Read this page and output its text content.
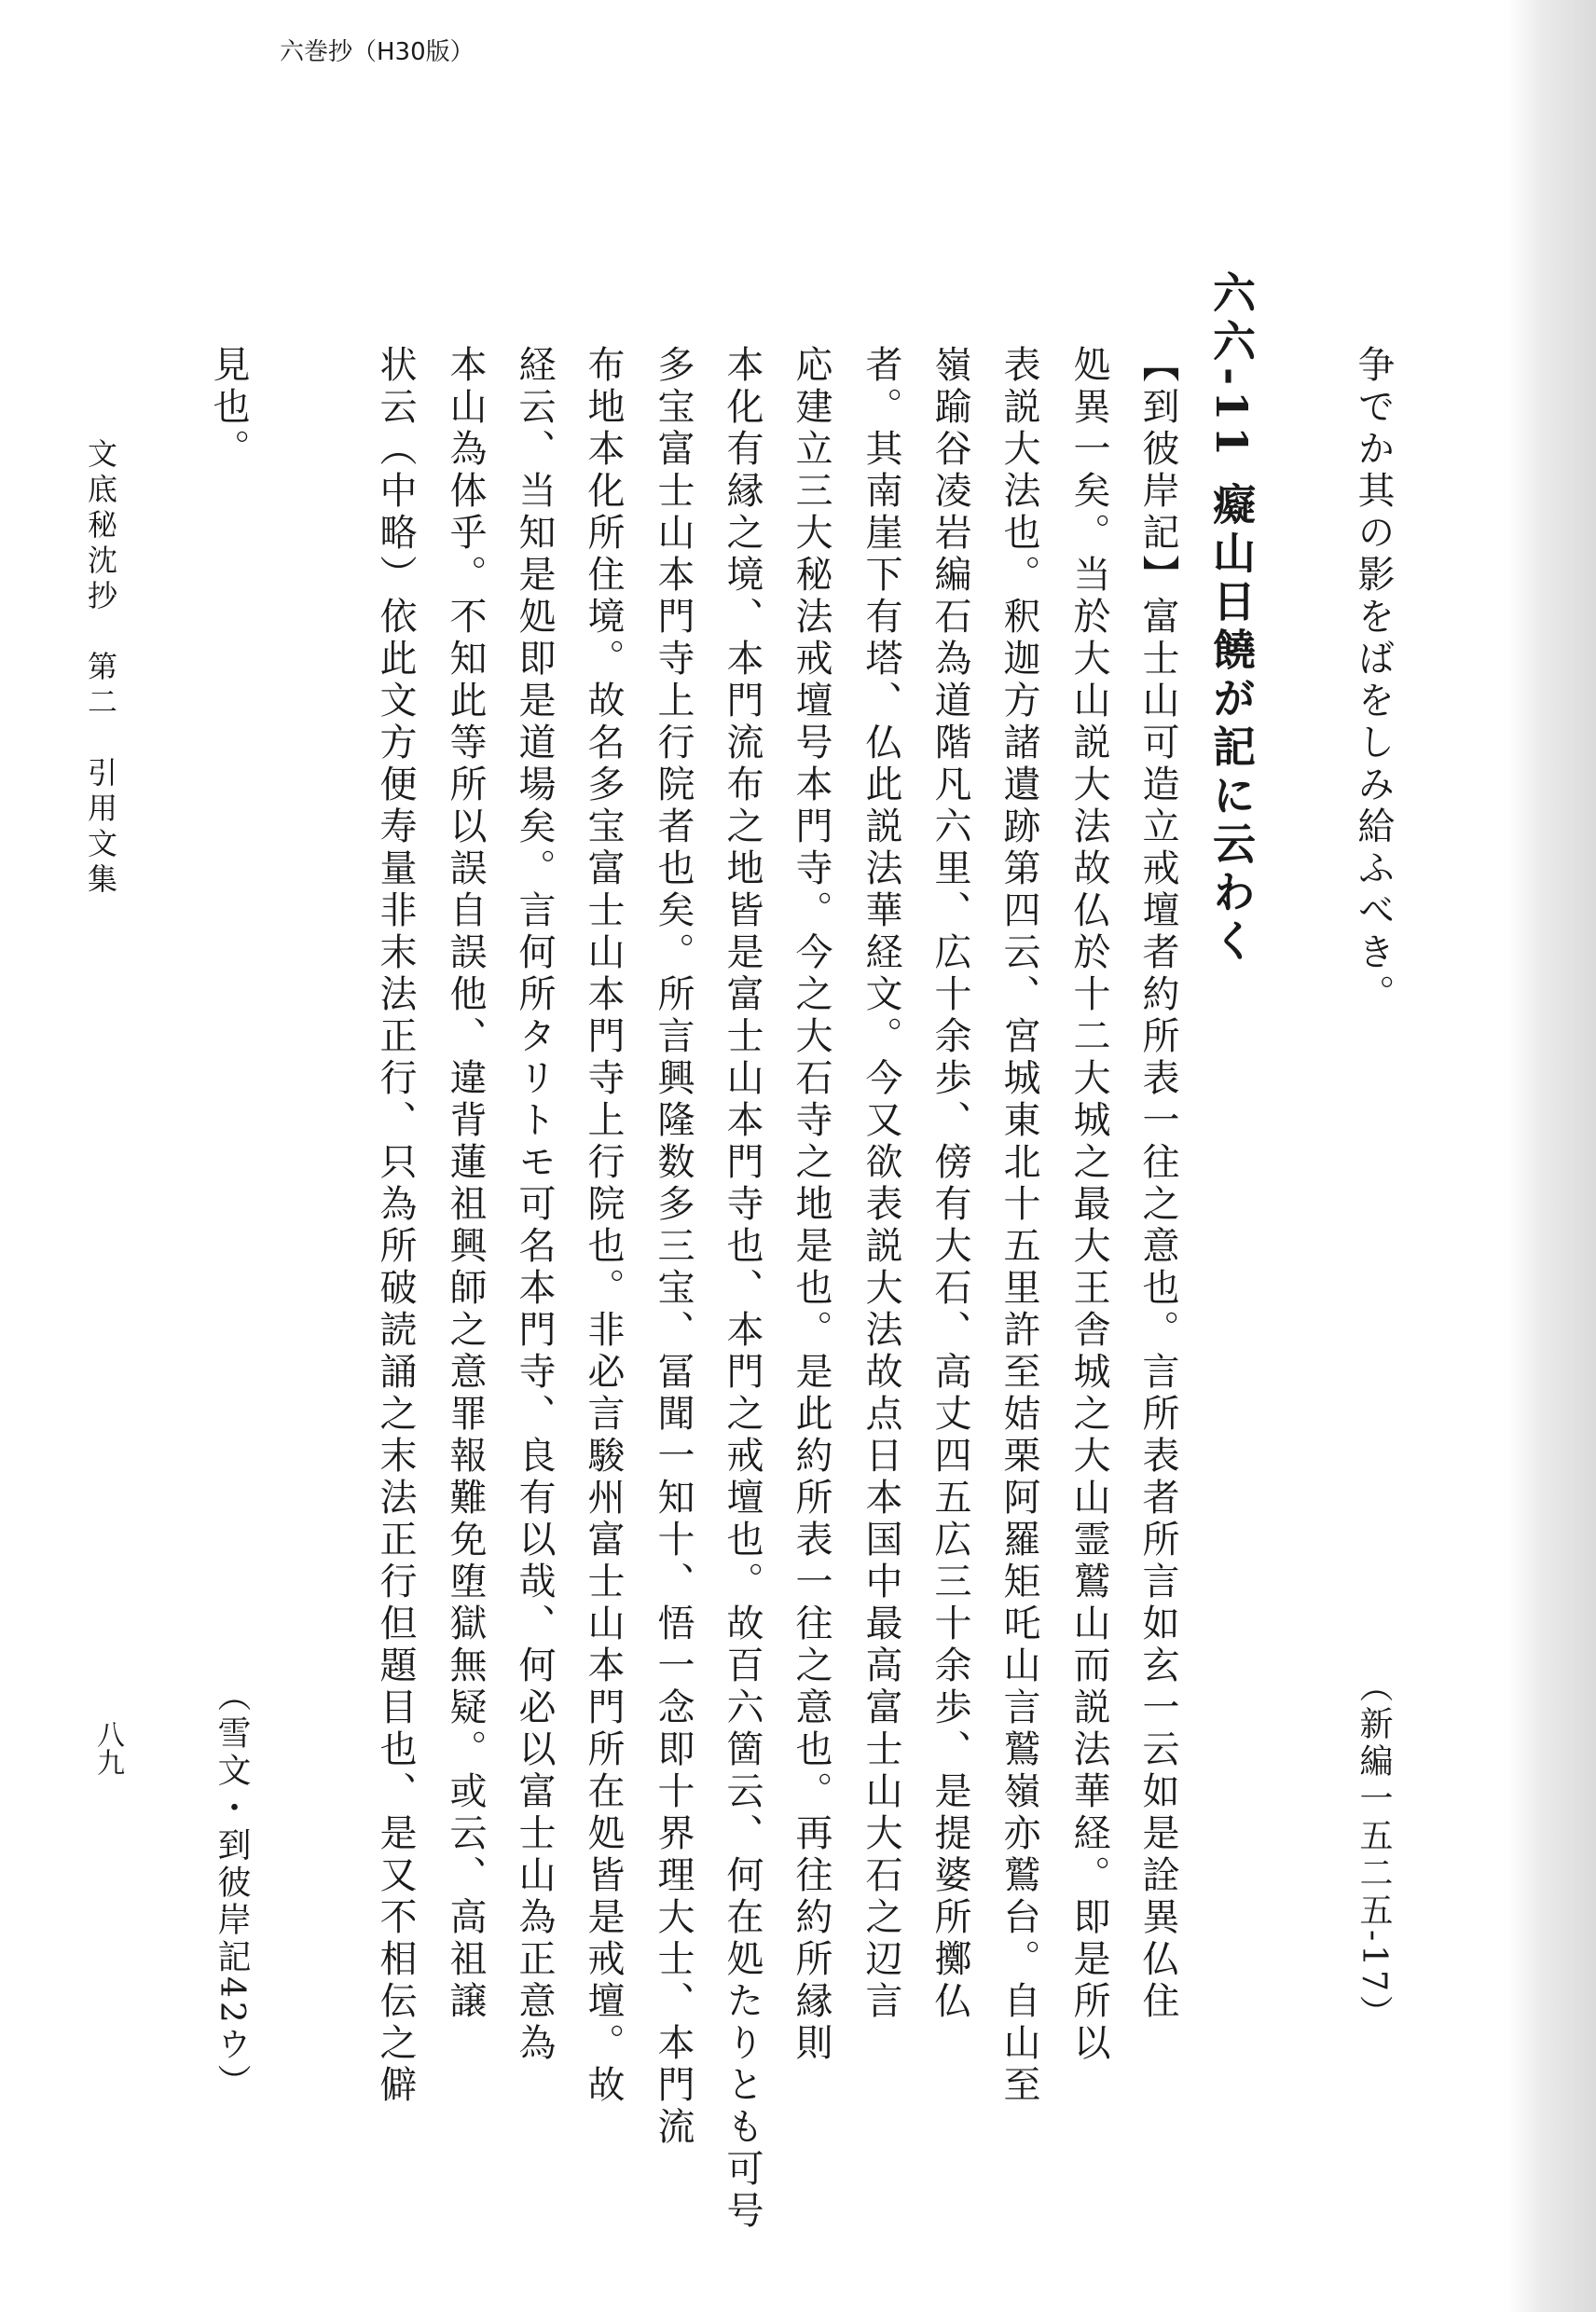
六巻抄（H30版）
争でか其の影をばをしみ給ふべき。
（新編一五二五-17）
六六-11癡山日饒が記に云わく
【到彼岸記】富士山可造立戒壇者約所表一往之意也。言所表者所言如玄一云如是詮異仏住
処異一矣。当於大山説大法故仏於十二大城之最大王舎城之大山霊鷲山而説法華経。即是所以
表説大法也。釈迦方諸遺跡第四云、宮城東北十五里許至姞栗阿羅矩吒山言鷲嶺亦鷲台。自山至
嶺踰谷凌岩編石為道階凡六里、広十余歩、傍有大石、高丈四五広三十余歩、是提婆所擲仏
者。其南崖下有塔、仏此説法華経文。今又欲表説大法故点日本国中最高富士山大石之辺言
応建立三大秘法戒壇号本門寺。今之大石寺之地是也。是此約所表一往之意也。再往約所縁則
本化有縁之境、本門流布之地皆是富士山本門寺也、本門之戒壇也。故百六箇云、何在処たりとも可号
多宝富士山本門寺上行院者也矣。所言興隆数多三宝、冨聞一知十、悟一念即十界理大士、本門流
布地本化所住境。故名多宝富士山本門寺上行院也。非必言駿州富士山本門所在処皆是戒壇。故
経云、当知是処即是道場矣。言何所タリトモ可名本門寺、良有以哉、何必以富士山為正意為
本山為体乎。不知此等所以誤自誤他、違背蓮祖興師之意罪報難免堕獄無疑。或云、高祖譲
状云（中略）依此文方便寿量非末法正行、只為所破読誦之末法正行但題目也、是又不相伝之僻
見也。
（雪文・到彼岸記42ウ）
文底秘沈抄　第二　引用文集
八九
